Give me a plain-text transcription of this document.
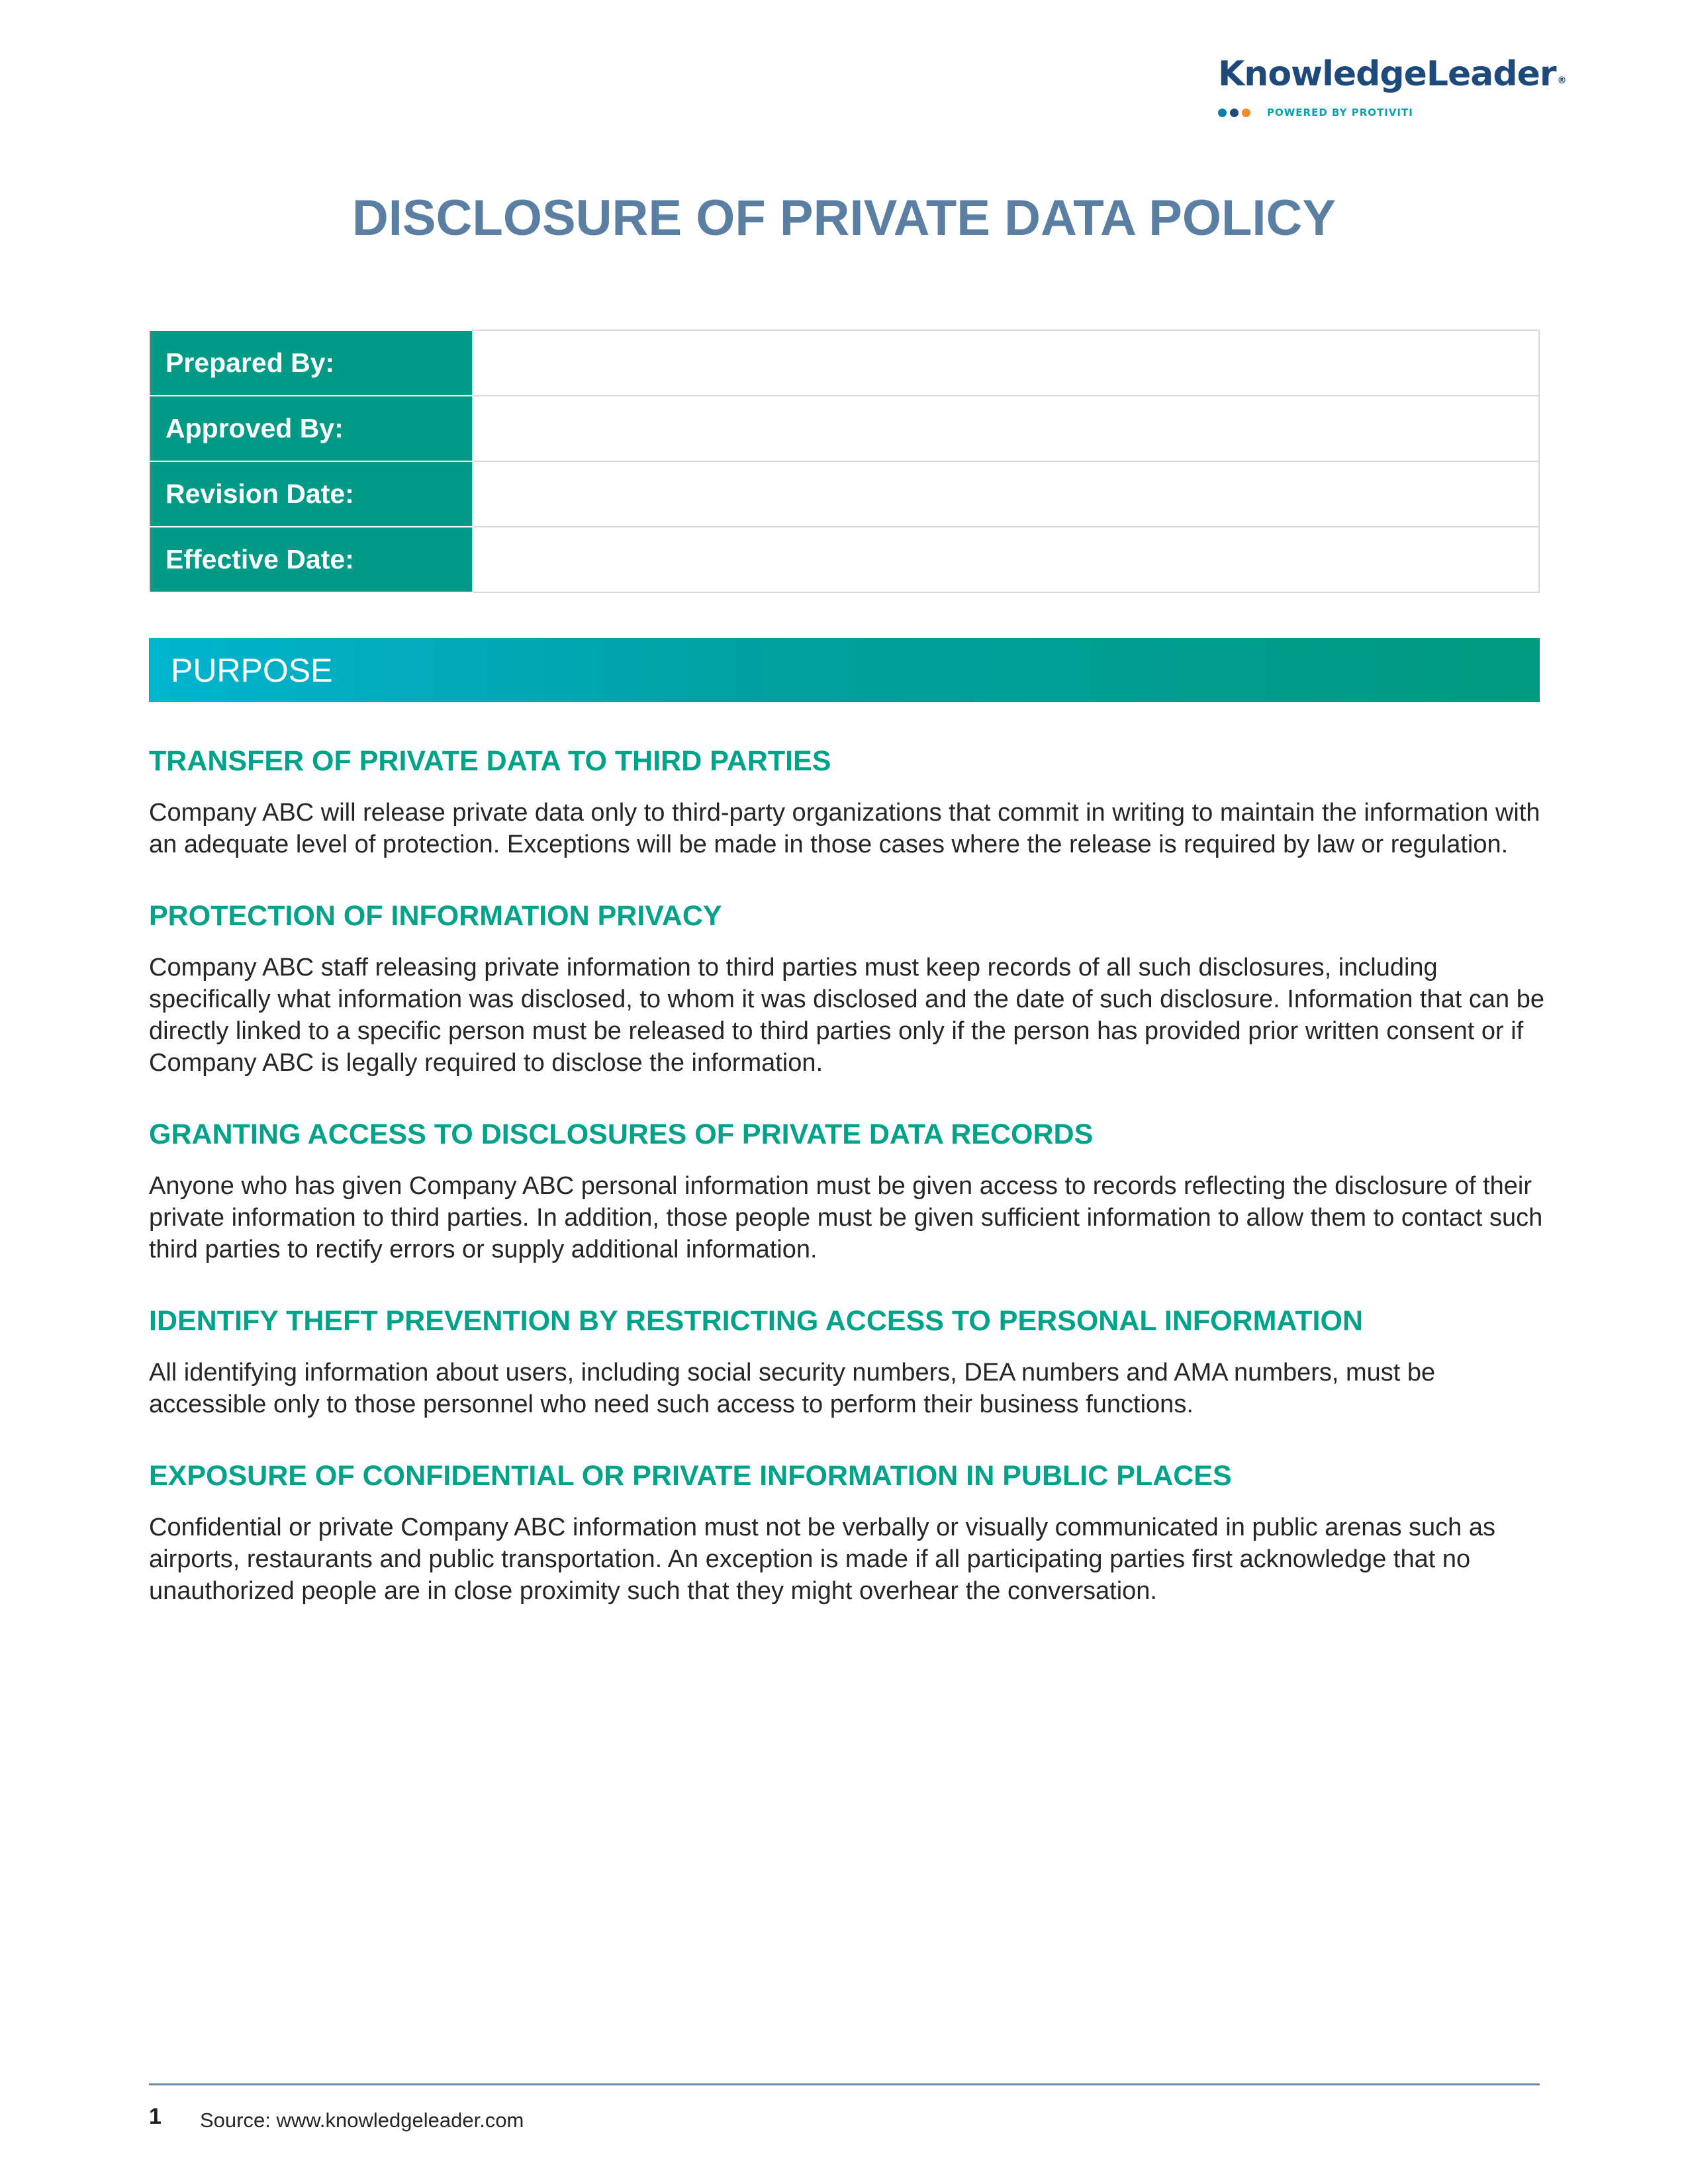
KnowledgeLeader ®
POWERED BY PROTIVITI
DISCLOSURE OF PRIVATE DATA POLICY
Prepared By:	
Approved By:	
Revision Date:	
Effective Date:	
PURPOSE
TRANSFER OF PRIVATE DATA TO THIRD PARTIES

Company ABC will release private data only to third-party organizations that commit in writing to maintain the information with an adequate level of protection. Exceptions will be made in those cases where the release is required by law or regulation.

PROTECTION OF INFORMATION PRIVACY

Company ABC staff releasing private information to third parties must keep records of all such disclosures, including specifically what information was disclosed, to whom it was disclosed and the date of such disclosure. Information that can be directly linked to a specific person must be released to third parties only if the person has provided prior written consent or if Company ABC is legally required to disclose the information.

GRANTING ACCESS TO DISCLOSURES OF PRIVATE DATA RECORDS

Anyone who has given Company ABC personal information must be given access to records reflecting the disclosure of their private information to third parties. In addition, those people must be given sufficient information to allow them to contact such third parties to rectify errors or supply additional information.

IDENTIFY THEFT PREVENTION BY RESTRICTING ACCESS TO PERSONAL INFORMATION

All identifying information about users, including social security numbers, DEA numbers and AMA numbers, must be accessible only to those personnel who need such access to perform their business functions.

EXPOSURE OF CONFIDENTIAL OR PRIVATE INFORMATION IN PUBLIC PLACES

Confidential or private Company ABC information must not be verbally or visually communicated in public arenas such as airports, restaurants and public transportation. An exception is made if all participating parties first acknowledge that no unauthorized people are in close proximity such that they might overhear the conversation.

1 Source: www.knowledgeleader.com
